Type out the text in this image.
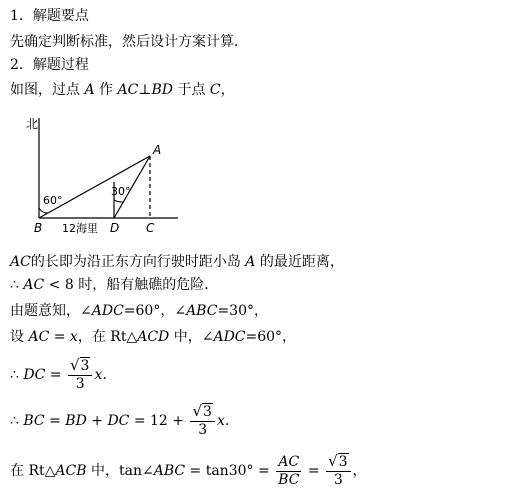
1．解题要点
先确定判断标准，然后设计方案计算．
2．解题过程
如图，过点 A 作 AC⊥BD 于点 C，
北
A
B	D C
60°
30°
12海里
AC的长即为沿正东方向行驶时距小岛 A 的最近距离，
∴ AC < 8 时，船有触礁的危险．
由题意知，∠ADC=60°，∠ABC=30°，
设 AC = x，在 Rt△ACD 中，∠ADC=60°，
∴ DC = $\frac{√3}{3} x$.
∴ BC = BD + DC = $12 + \frac{√3}{3} x$.
在 Rt△ACB 中，tan∠ABC = $\tan 30^\circ = \frac{AC}{BC} = \frac{√3}{3}$ ，
